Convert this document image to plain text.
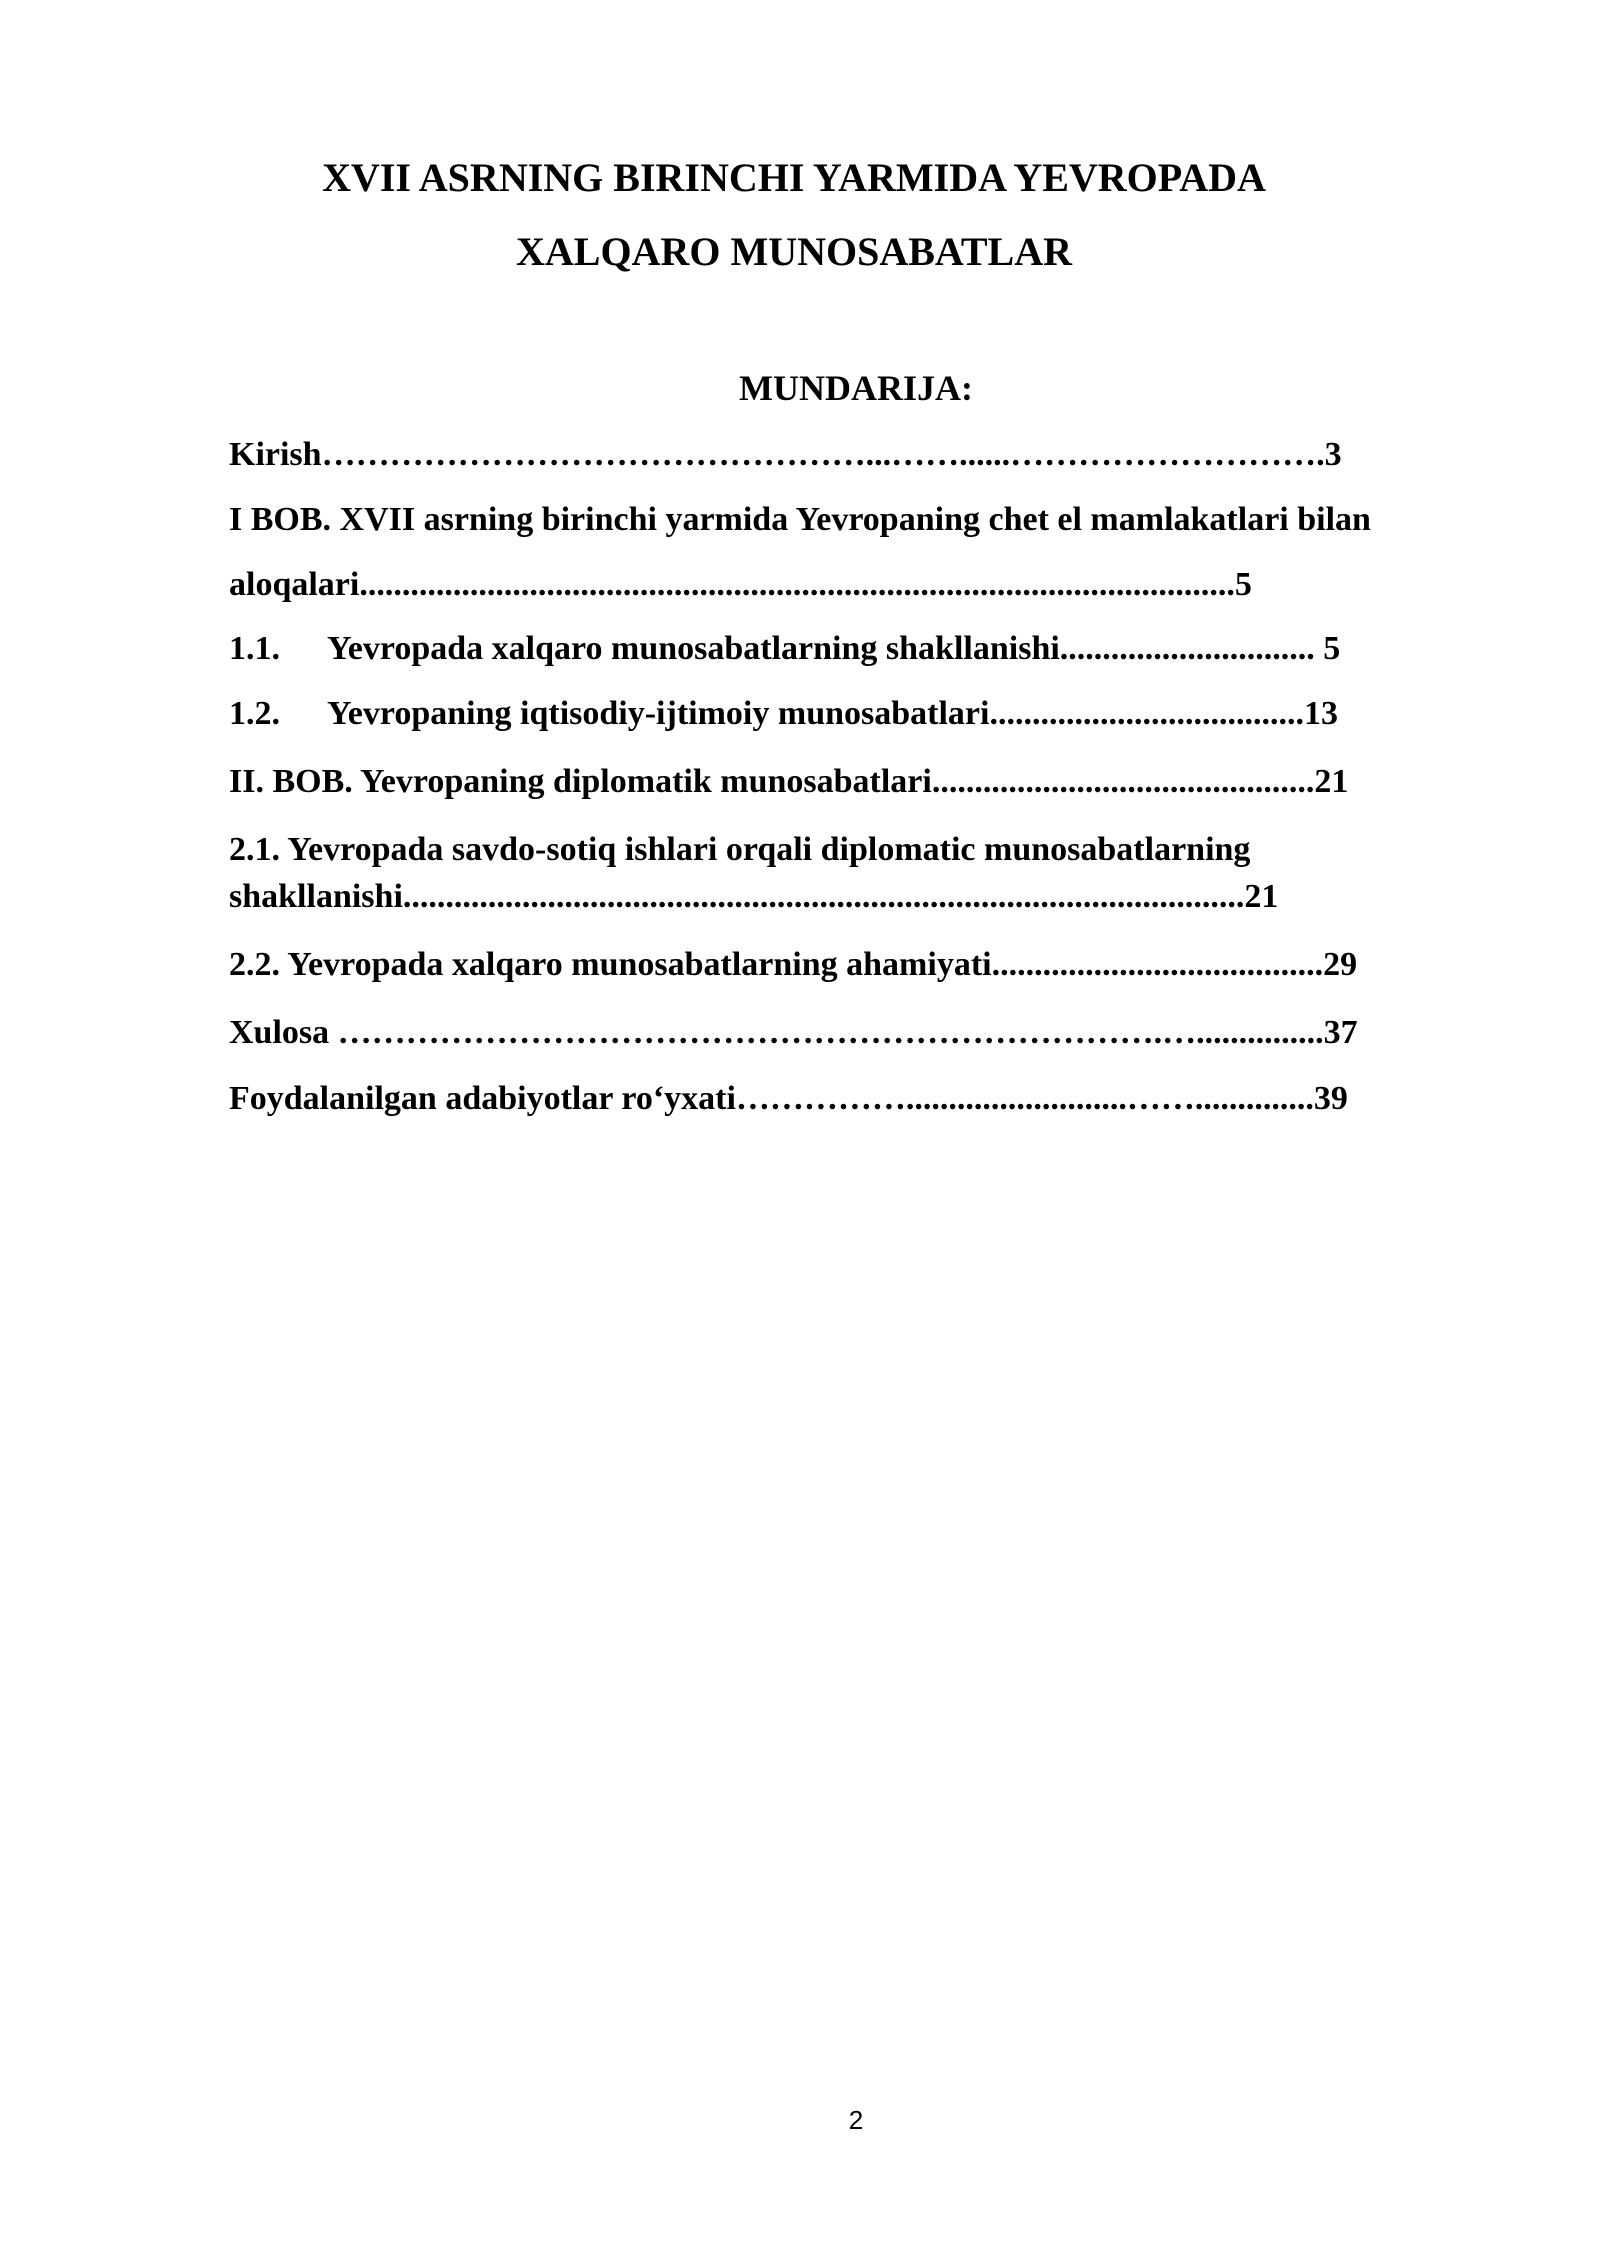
XVII ASRNING BIRINCHI YARMIDA YEVROPADA
XALQARO MUNOSABATLAR
MUNDARIJA:
Kirish…………………………………………...……......……………………….3
I BOB. XVII asrning birinchi yarmida Yevropaning chet el mamlakatlari bilan
aloqalari.......................................................................................................5
1.1. Yevropada xalqaro munosabatlarning shakllanishi.............................. 5
1.2. Yevropaning iqtisodiy-ijtimoiy munosabatlari.....................................13
II. BOB. Yevropaning diplomatik munosabatlari.............................................21
2.1. Yevropada savdo-sotiq ishlari orqali diplomatic munosabatlarning
shakllanishi...................................................................................................21
2.2. Yevropada xalqaro munosabatlarning ahamiyati.......................................29
Xulosa ……………………………………………………………….…...............37
Foydalanilgan adabiyotlar ro‘yxati……………..........................……..............39
2
